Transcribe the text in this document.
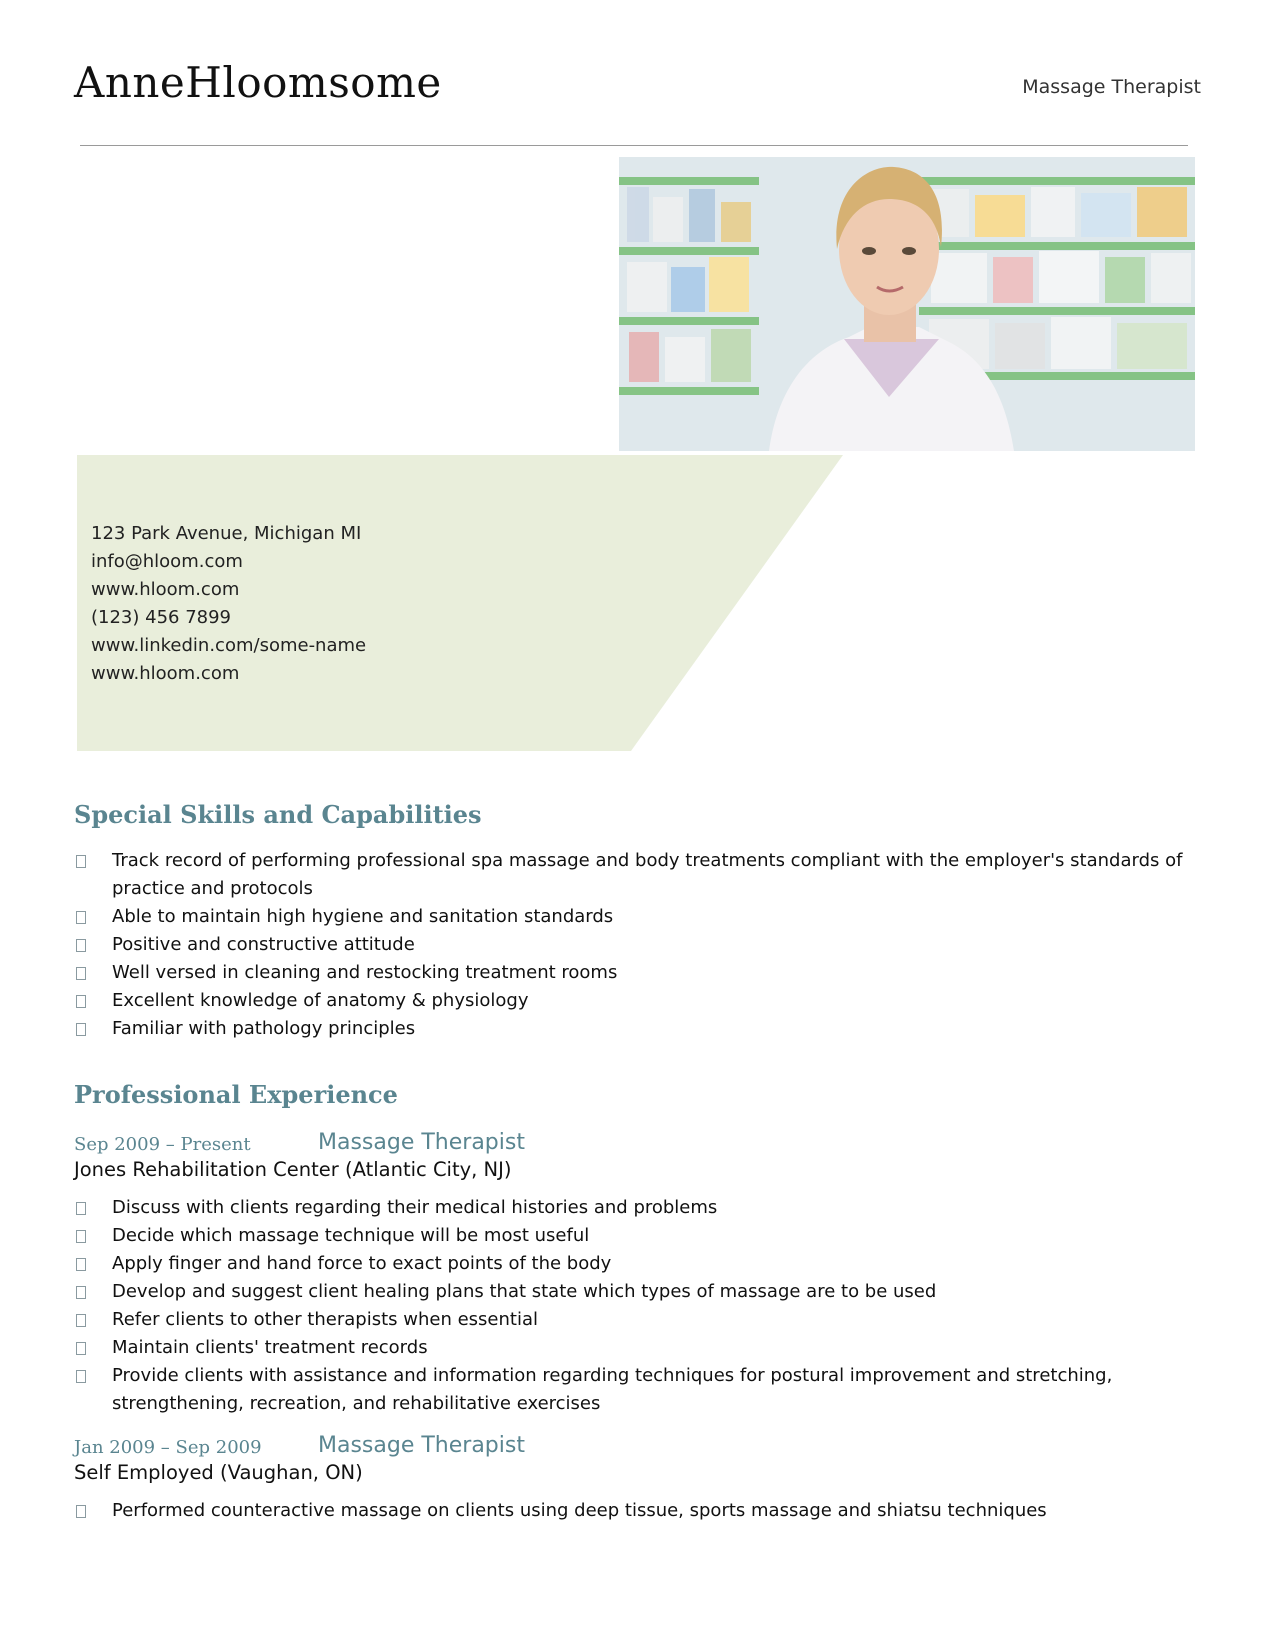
AnneHloomsome	Massage Therapist
123 Park Avenue, Michigan MI
info@hloom.com
www.hloom.com
(123) 456 7899
www.linkedin.com/some-name
www.hloom.com
Special Skills and Capabilities
Track record of performing professional spa massage and body treatments compliant with the employer's standards of practice and protocols
Able to maintain high hygiene and sanitation standards
Positive and constructive attitude
Well versed in cleaning and restocking treatment rooms
Excellent knowledge of anatomy & physiology
Familiar with pathology principles
Professional Experience
Sep 2009 – Present	Massage Therapist
Jones Rehabilitation Center (Atlantic City, NJ)
Discuss with clients regarding their medical histories and problems
Decide which massage technique will be most useful
Apply finger and hand force to exact points of the body
Develop and suggest client healing plans that state which types of massage are to be used
Refer clients to other therapists when essential
Maintain clients' treatment records
Provide clients with assistance and information regarding techniques for postural improvement and stretching, strengthening, recreation, and rehabilitative exercises
Jan 2009 – Sep 2009	Massage Therapist
Self Employed (Vaughan, ON)
Performed counteractive massage on clients using deep tissue, sports massage and shiatsu techniques
